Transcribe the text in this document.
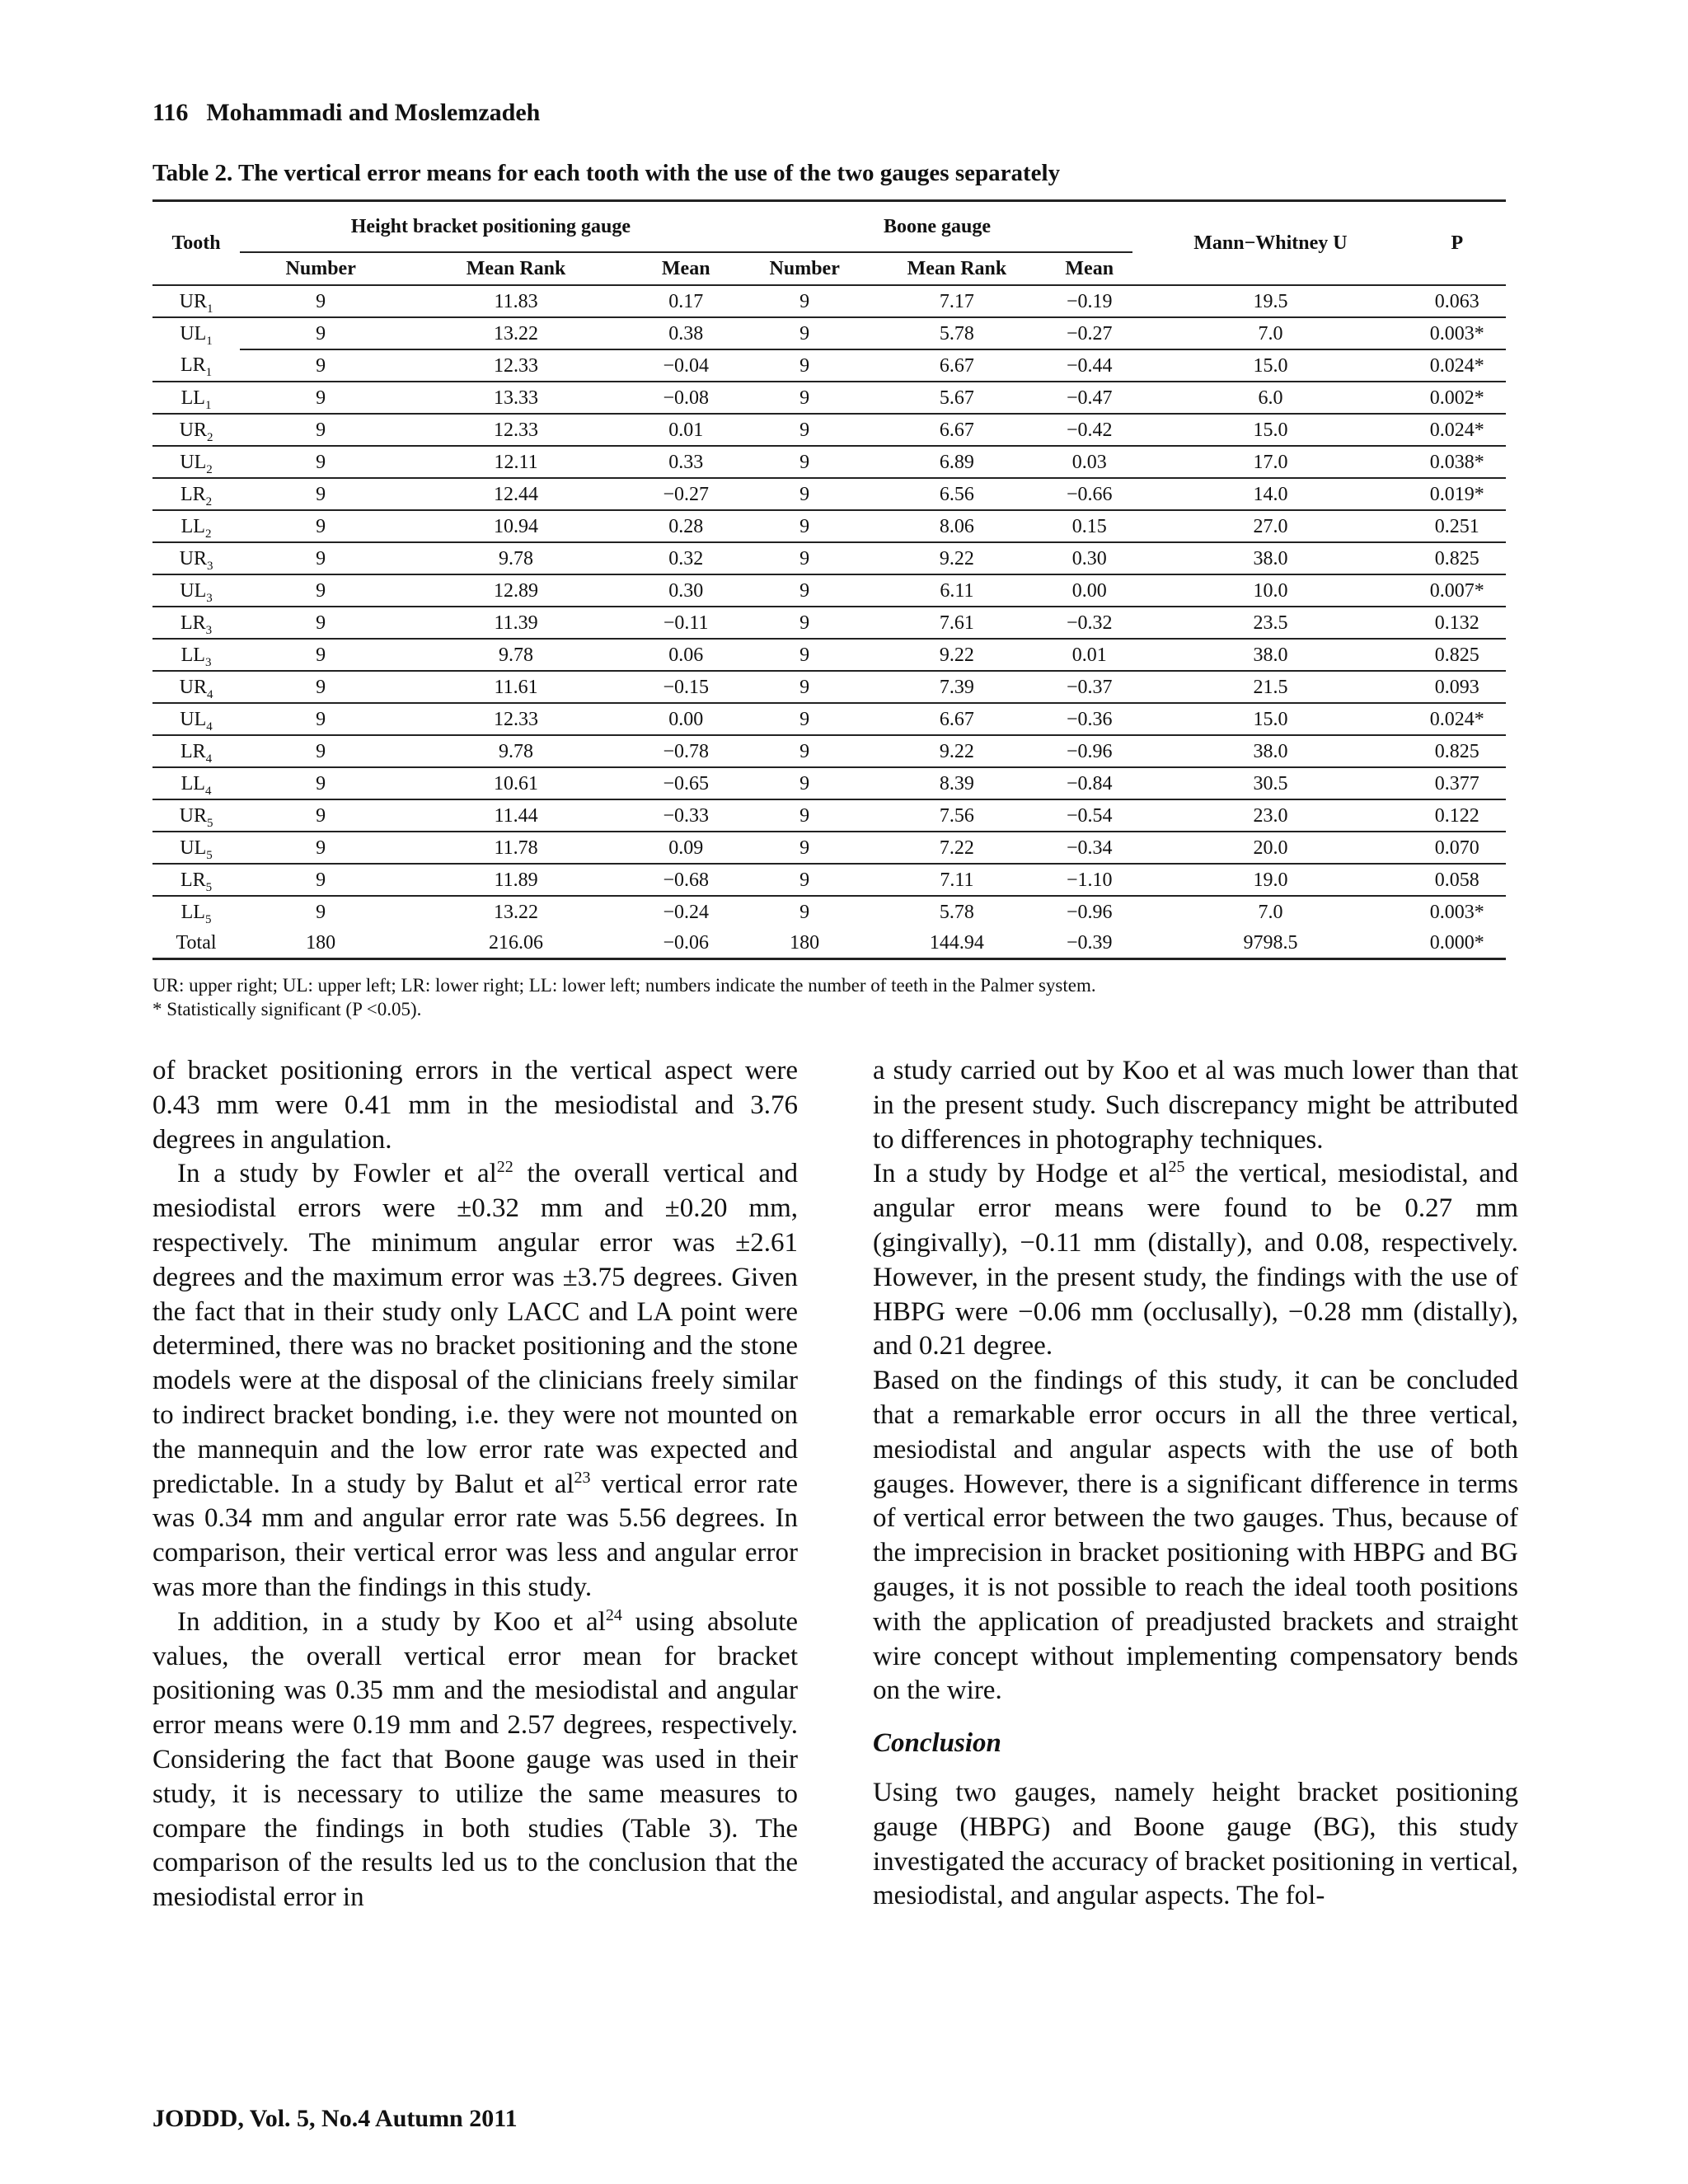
116 Mohammadi and Moslemzadeh
Table 2. The vertical error means for each tooth with the use of the two gauges separately
Tooth	Height bracket positioning gauge			Boone gauge			Mann−Whitney U	P
	Number	Mean Rank	Mean	Number	Mean Rank	Mean		
$UR_1$	9	11.83	0.17	9	7.17	−0.19	19.5	0.063
$UL_1$	9	13.22	0.38	9	5.78	−0.27	7.0	0.003*
$LR_1$	9	12.33	−0.04	9	6.67	−0.44	15.0	0.024*
$LL_1$	9	13.33	−0.08	9	5.67	−0.47	6.0	0.002*
$UR_2$	9	12.33	0.01	9	6.67	−0.42	15.0	0.024*
$UL_2$	9	12.11	0.33	9	6.89	0.03	17.0	0.038*
$LR_2$	9	12.44	−0.27	9	6.56	−0.66	14.0	0.019*
$LL_2$	9	10.94	0.28	9	8.06	0.15	27.0	0.251
$UR_3$	9	9.78	0.32	9	9.22	0.30	38.0	0.825
$UL_3$	9	12.89	0.30	9	6.11	0.00	10.0	0.007*
$LR_3$	9	11.39	−0.11	9	7.61	−0.32	23.5	0.132
$LL_3$	9	9.78	0.06	9	9.22	0.01	38.0	0.825
$UR_4$	9	11.61	−0.15	9	7.39	−0.37	21.5	0.093
$UL_4$	9	12.33	0.00	9	6.67	−0.36	15.0	0.024*
$LR_4$	9	9.78	−0.78	9	9.22	−0.96	38.0	0.825
$LL_4$	9	10.61	−0.65	9	8.39	−0.84	30.5	0.377
$UR_5$	9	11.44	−0.33	9	7.56	−0.54	23.0	0.122
$UL_5$	9	11.78	0.09	9	7.22	−0.34	20.0	0.070
$LR_5$	9	11.89	−0.68	9	7.11	−1.10	19.0	0.058
$LL_5$	9	13.22	−0.24	9	5.78	−0.96	7.0	0.003*
Total	180	216.06	−0.06	180	144.94	−0.39	9798.5	0.000*
UR: upper right; UL: upper left; LR: lower right; LL: lower left; numbers indicate the number of teeth in the Palmer system.
* Statistically significant (P <0.05).

of bracket positioning errors in the vertical aspect were 0.43 mm were 0.41 mm in the mesiodistal and 3.76 degrees in angulation.

In a study by Fowler et $al^{22}$ the overall vertical and mesiodistal errors were ±0.32 mm and ±0.20 mm, respectively. The minimum angular error was ±2.61 degrees and the maximum error was ±3.75 degrees. Given the fact that in their study only LACC and LA point were determined, there was no bracket positioning and the stone models were at the disposal of the clinicians freely similar to indirect bracket bonding, i.e. they were not mounted on the mannequin and the low error rate was expected and predictable. In a study by Balut et $al^{23}$ vertical error rate was 0.34 mm and angular error rate was 5.56 degrees. In comparison, their vertical error was less and angular error was more than the findings in this study.

In addition, in a study by Koo et $al^{24}$ using absolute values, the overall vertical error mean for bracket positioning was 0.35 mm and the mesiodistal and angular error means were 0.19 mm and 2.57 degrees, respectively. Considering the fact that Boone gauge was used in their study, it is necessary to utilize the same measures to compare the findings in both studies (Table 3). The comparison of the results led us to the conclusion that the mesiodistal error in

a study carried out by Koo et al was much lower than that in the present study. Such discrepancy might be attributed to differences in photography techniques.

In a study by Hodge et $al^{25}$ the vertical, mesiodistal, and angular error means were found to be 0.27 mm (gingivally), −0.11 mm (distally), and 0.08, respectively. However, in the present study, the findings with the use of HBPG were −0.06 mm (occlusally), −0.28 mm (distally), and 0.21 degree.

Based on the findings of this study, it can be concluded that a remarkable error occurs in all the three vertical, mesiodistal and angular aspects with the use of both gauges. However, there is a significant difference in terms of vertical error between the two gauges. Thus, because of the imprecision in bracket positioning with HBPG and BG gauges, it is not possible to reach the ideal tooth positions with the application of preadjusted brackets and straight wire concept without implementing compensatory bends on the wire.

Conclusion

Using two gauges, namely height bracket positioning gauge (HBPG) and Boone gauge (BG), this study investigated the accuracy of bracket positioning in vertical, mesiodistal, and angular aspects. The fol-

JODDD, Vol. 5, No.4 Autumn 2011
